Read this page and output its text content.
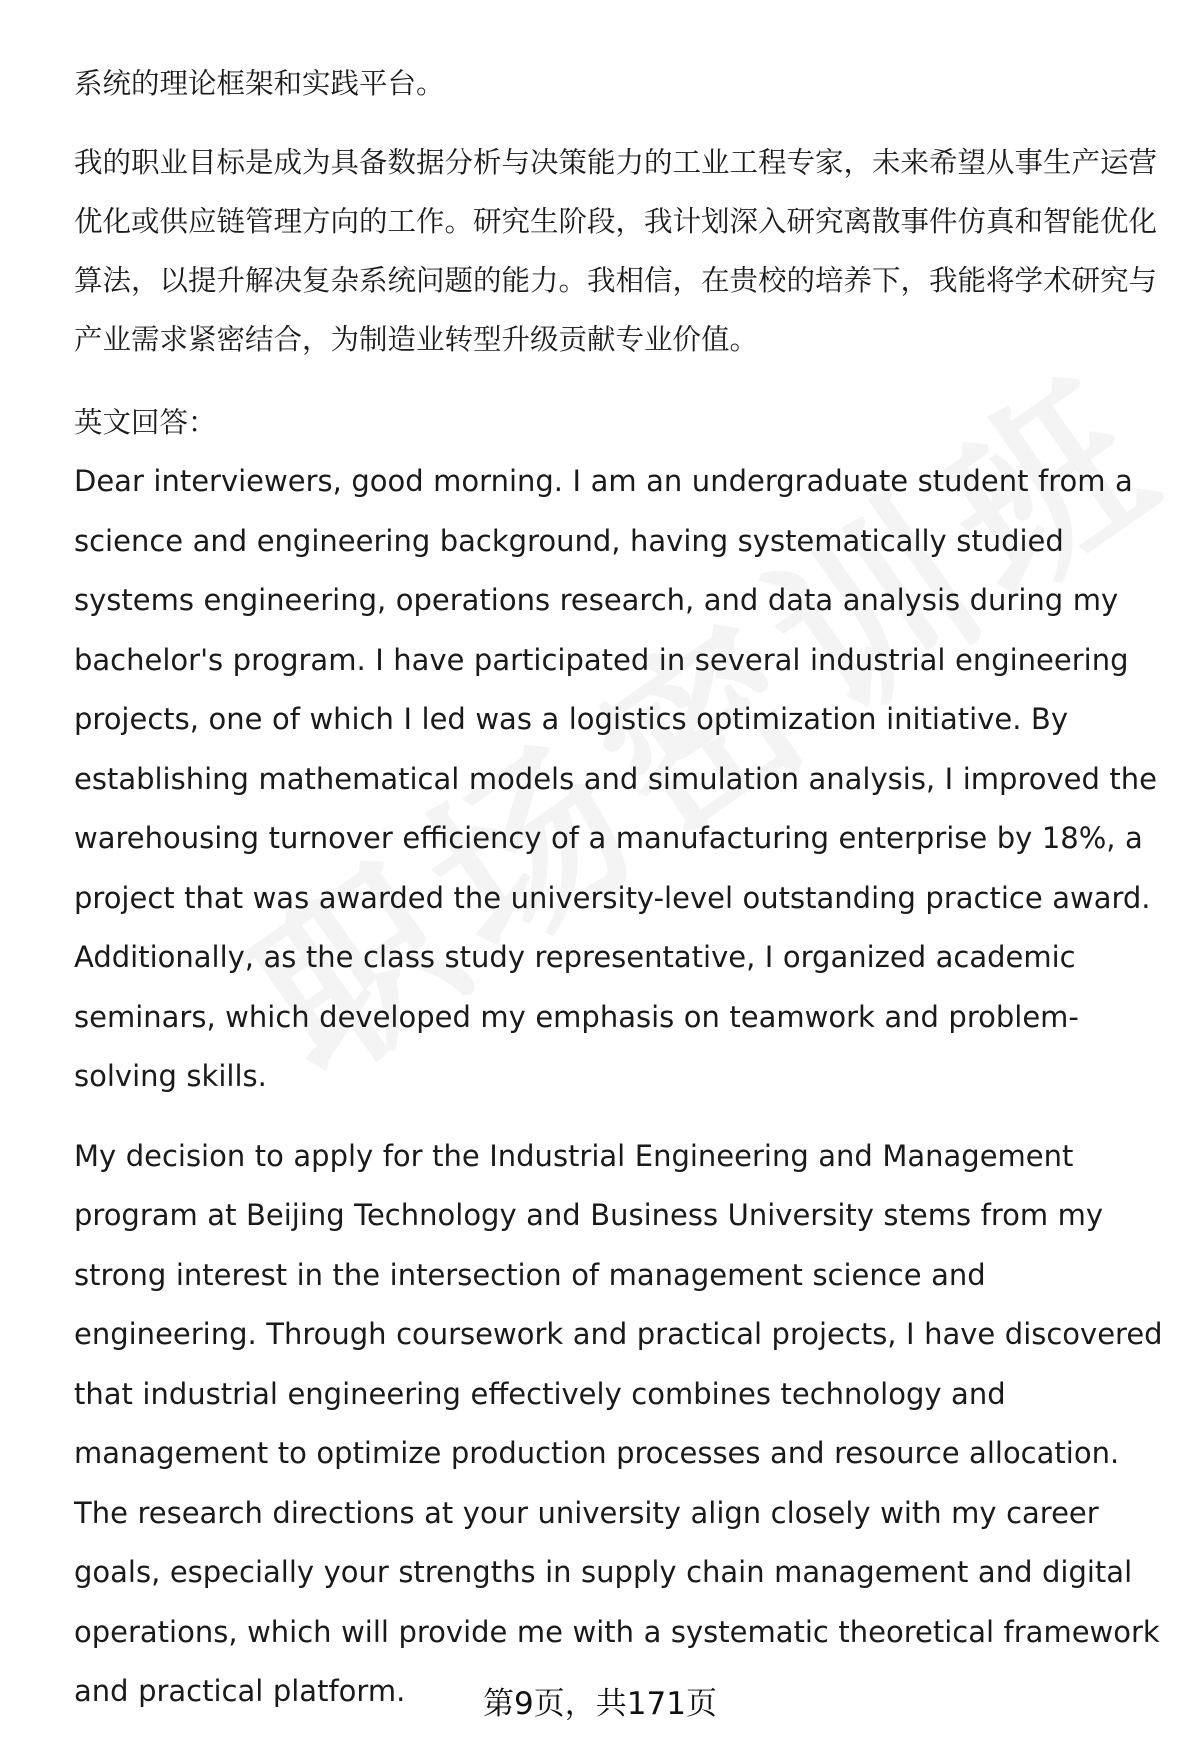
系统的理论框架和实践平台。

我的职业目标是成为具备数据分析与决策能力的工业工程专家，未来希望从事生产运营优化或供应链管理方向的工作。研究生阶段，我计划深入研究离散事件仿真和智能优化算法，以提升解决复杂系统问题的能力。我相信，在贵校的培养下，我能将学术研究与产业需求紧密结合，为制造业转型升级贡献专业价值。

英文回答：

Dear interviewers, good morning. I am an undergraduate student from a science and engineering background, having systematically studied systems engineering, operations research, and data analysis during my bachelor's program. I have participated in several industrial engineering projects, one of which I led was a logistics optimization initiative. By establishing mathematical models and simulation analysis, I improved the warehousing turnover efficiency of a manufacturing enterprise by 18%, a project that was awarded the university-level outstanding practice award. Additionally, as the class study representative, I organized academic seminars, which developed my emphasis on teamwork and problem-solving skills.

My decision to apply for the Industrial Engineering and Management program at Beijing Technology and Business University stems from my strong interest in the intersection of management science and engineering. Through coursework and practical projects, I have discovered that industrial engineering effectively combines technology and management to optimize production processes and resource allocation. The research directions at your university align closely with my career goals, especially your strengths in supply chain management and digital operations, which will provide me with a systematic theoretical framework and practical platform.	第9页，共171页
